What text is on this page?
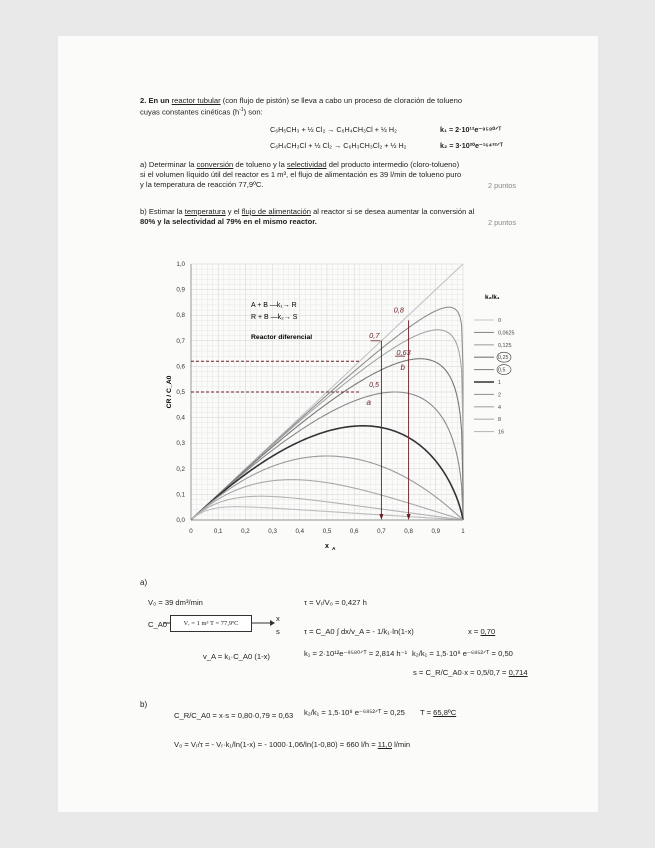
2. En un reactor tubular (con flujo de pistón) se lleva a cabo un proceso de cloración de tolueno
cuyas constantes cinéticas $(h^{-1})$ son:
C₆H₅CH₃ + ½ Cl₂ → C₆H₄CH₃Cl + ½ H₂	k₁ = 2·10¹²e⁻⁹⁵⁸⁰ᐟᵀ
C₆H₄CH₃Cl + ½ Cl₂ → C₆H₃CH₃Cl₂ + ½ H₂	k₂ = 3·10²⁰e⁻¹⁶⁴³²ᐟᵀ
a) Determinar la conversión de tolueno y la selectividad del producto intermedio (cloro-tolueno)
si el volumen líquido útil del reactor es 1 m³, el flujo de alimentación es 39 l/min de tolueno puro
y la temperatura de reacción 77,9ºC.	2 puntos
b) Estimar la temperatura y el flujo de alimentación al reactor si se desea aumentar la conversión al
80% y la selectividad al 79% en el mismo reactor.	2 puntos
0	0,1	0,2	0,3	0,4	0,5	0,6	0,7	0,8	0,9	1
0,0
0,1
0,2
0,3
0,4
0,5
0,6
0,7
0,8
0,9
1,0
x A
CR / C_A0
k₂/k₁
0
0,0625
0,125
0,25
0,5
1
2
4
8
16
0,8
0,7
0,63
b
0,5
a
A + B —k₁→ R
R + B —k₂→ S
Reactor diferencial
a)
V₀ = 39 dm³/min
C_A0	Vᵣ = 1 m³ T = 77,9ºC
x
s
τ = Vᵣ/V₀ = 0,427 h
τ = C_A0 ∫ dx/v_A = - 1/k₁·ln(1-x)	x = 0,70
v_A = k₁·C_A0 (1-x)	k₁ = 2·10¹²e⁻⁹⁵⁸⁰ᐟᵀ = 2,814 h⁻¹ k₂/k₁ = 1,5·10⁸ e⁻⁶⁸⁵²ᐟᵀ = 0,50
s = C_R/C_A0·x = 0,5/0,7 = 0,714
b)
C_R/C_A0 = x·s = 0,80·0,79 = 0,63 k₂/k₁ = 1,5·10⁸ e⁻⁶⁸⁵²ᐟᵀ = 0,25 T = 65,8ºC
V₀ = Vᵣ/τ = - Vᵣ·k₁/ln(1-x) = - 1000·1,06/ln(1-0,80) = 660 l/h = 11,0 l/min
